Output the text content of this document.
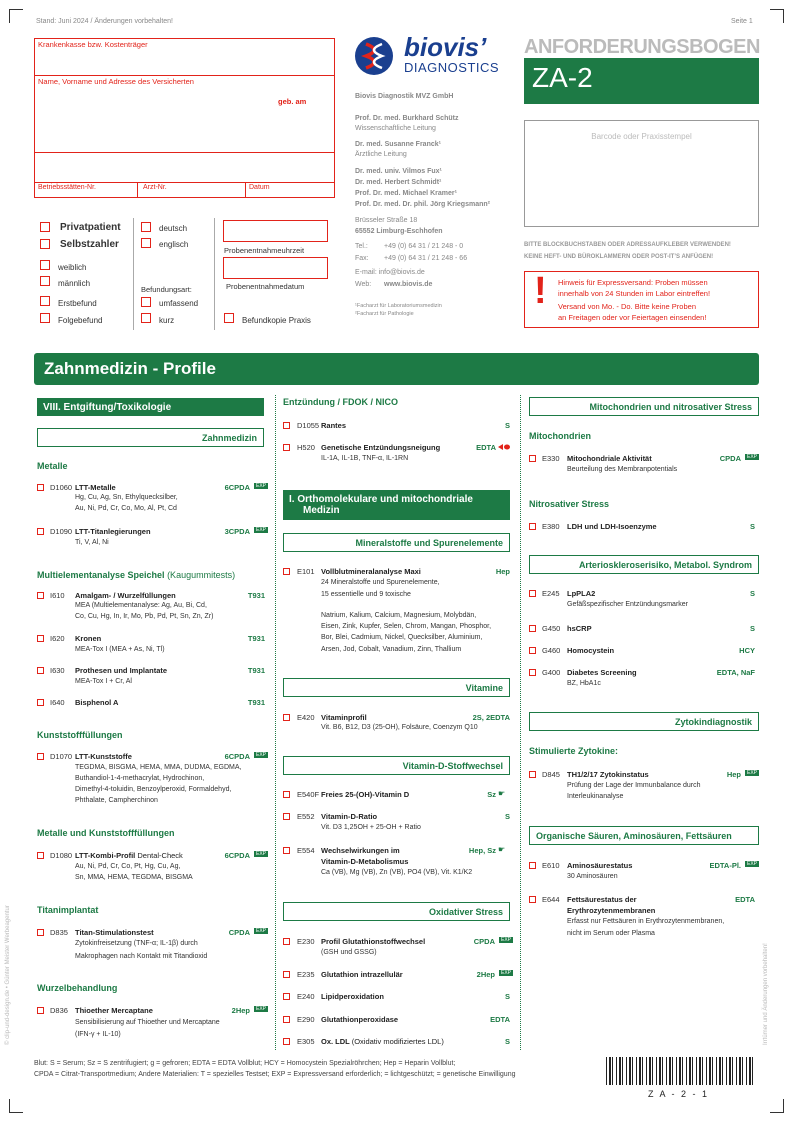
Stand: Juni 2024 / Änderungen vorbehalten!	Seite 1
Krankenkasse bzw. Kostenträger
Name, Vorname und Adresse des Versicherten
geb. am
Betriebsstätten-Nr.	Arzt-Nr.	Datum
Privatpatient
Selbstzahler
weiblich
männlich
Erstbefund
Folgebefund
deutsch
englisch
Befundungsart:
umfassend
kurz
Probenentnahmeuhrzeit
Probenentnahmedatum
Befundkopie Praxis
biovis’
DIAGNOSTICS
Biovis Diagnostik MVZ GmbH
Prof. Dr. med. Burkhard Schütz
Wissenschaftliche Leitung
Dr. med. Susanne Franck¹
Ärztliche Leitung
Dr. med. univ. Vilmos Fux¹
Dr. med. Herbert Schmidt¹
Prof. Dr. med. Michael Kramer¹
Prof. Dr. med. Dr. phil. Jörg Kriegsmann²
Brüsseler Straße 18
65552 Limburg-Eschhofen
Tel.: +49 (0) 64 31 / 21 248 - 0
Fax: +49 (0) 64 31 / 21 248 - 66
E-mail: info@biovis.de
Web: www.biovis.de
¹Facharzt für Laboratoriumsmedizin
²Facharzt für Pathologie
ANFORDERUNGSBOGEN
ZA-2
Barcode oder Praxisstempel
BITTE BLOCKBUCHSTABEN ODER ADRESSAUFKLEBER VERWENDEN!
KEINE HEFT- UND BÜROKLAMMERN ODER POST-IT’S ANFÜGEN!
! Hinweis für Expressversand: Proben müssen
innerhalb von 24 Stunden im Labor eintreffen!
Versand von Mo. - Do. Bitte keine Proben
an Freitagen oder vor Feiertagen einsenden!
Zahnmedizin - Profile
VIII. Entgiftung/Toxikologie
Zahnmedizin
Metalle
D1060 LTT-Metalle	6CPDA	EXP
Hg, Cu, Ag, Sn, Ethylquecksilber,
Au, Ni, Pd, Cr, Co, Mo, Al, Pt, Cd
D1090 LTT-Titanlegierungen	3CPDA	EXP
Ti, V, Al, Ni
Multielementanalyse Speichel (Kaugummitests)
I610	Amalgam- / Wurzelfüllungen	T931
MEA (Multielementanalyse: Ag, Au, Bi, Cd,
Co, Cu, Hg, In, Ir, Mo, Pb, Pd, Pt, Sn, Zn, Zr)
I620	Kronen	T931
MEA-Tox I (MEA + As, Ni, Tl)
I630	Prothesen und Implantate	T931
MEA-Tox I + Cr, Al
I640	Bisphenol A	T931
Kunststofffüllungen
D1070 LTT-Kunststoffe	6CPDA	EXP
TEGDMA, BISGMA, HEMA, MMA, DUDMA, EGDMA,
Buthandiol-1-4-methacrylat, Hydrochinon,
Dimethyl-4-toluidin, Benzoylperoxid, Formaldehyd,
Phthalate, Campherchinon
Metalle und Kunststofffüllungen
D1080 LTT-Kombi-Profil Dental-Check	6CPDA	EXP
Au, Ni, Pd, Cr, Co, Pt, Hg, Cu, Ag,
Sn, MMA, HEMA, TEGDMA, BISGMA
Titanimplantat
D835 Titan-Stimulationstest	CPDA	EXP
Zytokinfreisetzung (TNF-α; IL-1β) durch
Makrophagen nach Kontakt mit Titandioxid
Wurzelbehandlung
D836 Thioether Mercaptane	2Hep	EXP
Sensibilisierung auf Thioether und Mercaptane
(IFN-γ + IL-10)
Entzündung / FDOK / NICO
D1055 Rantes	S
H520 Genetische Entzündungsneigung	EDTA
IL-1A, IL-1B, TNF-α, IL-1RN
I. Orthomolekulare und mitochondriale
Medizin
Mineralstoffe und Spurenelemente
E101 Vollblutmineralanalyse Maxi	Hep
24 Mineralstoffe und Spurenelemente,
15 essentielle und 9 toxische
Natrium, Kalium, Calcium, Magnesium, Molybdän,
Eisen, Zink, Kupfer, Selen, Chrom, Mangan, Phosphor,
Bor, Blei, Cadmium, Nickel, Quecksilber, Aluminium,
Arsen, Jod, Cobalt, Vanadium, Zinn, Thallium
Vitamine
E420 Vitaminprofil	2S, 2EDTA
Vit. B6, B12, D3 (25-OH), Folsäure, Coenzym Q10
Vitamin-D-Stoffwechsel
E540F Freies 25-(OH)-Vitamin D	Sz ☛
E552 Vitamin-D-Ratio	S
Vit. D3 1,25OH + 25-OH + Ratio
E554 Wechselwirkungen im
Vitamin-D-Metabolismus
Hep, Sz ☛
Ca (VB), Mg (VB), Zn (VB), PO4 (VB), Vit. K1/K2
Oxidativer Stress
E230 Profil Glutathionstoffwechsel	CPDA	EXP
(GSH und GSSG)
E235 Glutathion intrazellulär	2Hep	EXP
E240 Lipidperoxidation	S
E290 Glutathionperoxidase	EDTA
E305 Ox. LDL (Oxidativ modifiziertes LDL)	S
Mitochondrien und nitrosativer Stress
Mitochondrien
E330 Mitochondriale Aktivität	CPDA	EXP
Beurteilung des Membranpotentials
Nitrosativer Stress
E380 LDH und LDH-Isoenzyme	S
Arterioskleroserisiko, Metabol. Syndrom
E245 LpPLA2	S
Gefäßspezifischer Entzündungsmarker
G450 hsCRP	S
G460 Homocystein	HCY
G400 Diabetes Screening	EDTA, NaF
BZ, HbA1c
Zytokindiagnostik
Stimulierte Zytokine:
D845 TH1/2/17 Zytokinstatus	Hep	EXP
Prüfung der Lage der Immunbalance durch
Interleukinanalyse
Organische Säuren, Aminosäuren, Fettsäuren
E610 Aminosäurestatus	EDTA-Pl.	EXP
30 Aminosäuren
E644 Fettsäurestatus der
Erythrozytenmembranen
EDTA
Erfasst nur Fettsäuren in Erythrozytenmembranen,
nicht im Serum oder Plasma
© clip-und-design.de • Günter Meister Werbeagentur	Irrtümer und Änderungen vorbehalten!
Blut: S = Serum; Sz = S zentrifugiert; g = gefroren; EDTA = EDTA Vollblut; HCY = Homocystein Spezialröhrchen; Hep = Heparin Vollblut;
CPDA = Citrat-Transportmedium; Andere Materialien: T = spezielles Testset; EXP = Expressversand erforderlich; = lichtgeschützt; = genetische Einwilligung
Z A - 2 - 1
